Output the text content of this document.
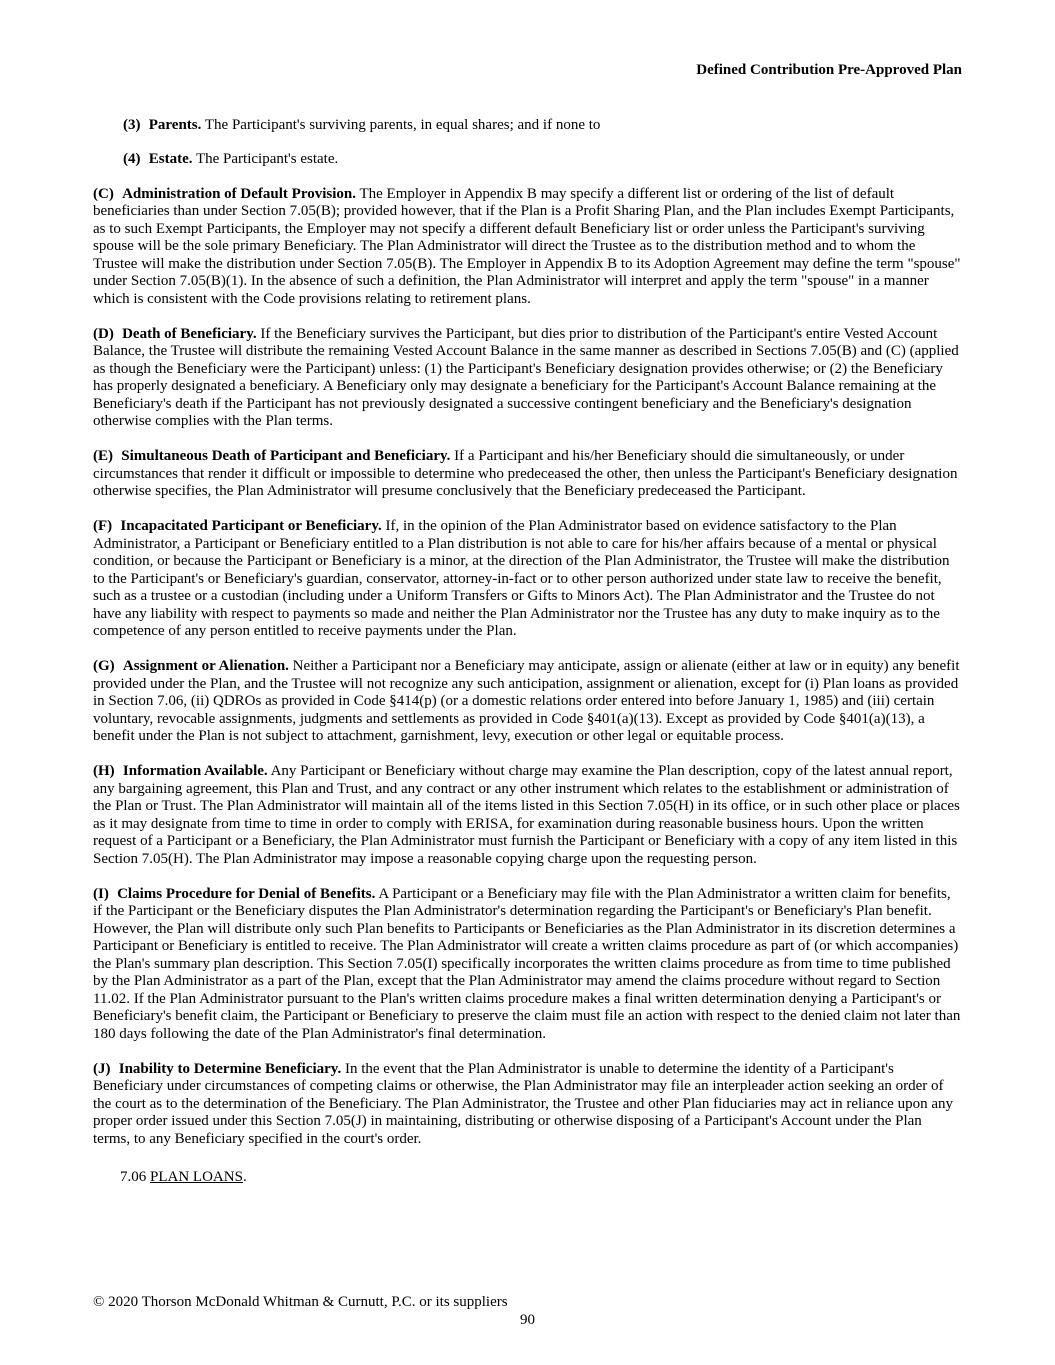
Defined Contribution Pre-Approved Plan

(3) Parents. The Participant's surviving parents, in equal shares; and if none to

(4) Estate. The Participant's estate.

(C) Administration of Default Provision. The Employer in Appendix B may specify a different list or ordering of the list of default beneficiaries than under Section 7.05(B); provided however, that if the Plan is a Profit Sharing Plan, and the Plan includes Exempt Participants, as to such Exempt Participants, the Employer may not specify a different default Beneficiary list or order unless the Participant's surviving spouse will be the sole primary Beneficiary. The Plan Administrator will direct the Trustee as to the distribution method and to whom the Trustee will make the distribution under Section 7.05(B). The Employer in Appendix B to its Adoption Agreement may define the term "spouse" under Section 7.05(B)(1). In the absence of such a definition, the Plan Administrator will interpret and apply the term "spouse" in a manner which is consistent with the Code provisions relating to retirement plans.

(D) Death of Beneficiary. If the Beneficiary survives the Participant, but dies prior to distribution of the Participant's entire Vested Account Balance, the Trustee will distribute the remaining Vested Account Balance in the same manner as described in Sections 7.05(B) and (C) (applied as though the Beneficiary were the Participant) unless: (1) the Participant's Beneficiary designation provides otherwise; or (2) the Beneficiary has properly designated a beneficiary. A Beneficiary only may designate a beneficiary for the Participant's Account Balance remaining at the Beneficiary's death if the Participant has not previously designated a successive contingent beneficiary and the Beneficiary's designation otherwise complies with the Plan terms.

(E) Simultaneous Death of Participant and Beneficiary. If a Participant and his/her Beneficiary should die simultaneously, or under circumstances that render it difficult or impossible to determine who predeceased the other, then unless the Participant's Beneficiary designation otherwise specifies, the Plan Administrator will presume conclusively that the Beneficiary predeceased the Participant.

(F) Incapacitated Participant or Beneficiary. If, in the opinion of the Plan Administrator based on evidence satisfactory to the Plan Administrator, a Participant or Beneficiary entitled to a Plan distribution is not able to care for his/her affairs because of a mental or physical condition, or because the Participant or Beneficiary is a minor, at the direction of the Plan Administrator, the Trustee will make the distribution to the Participant's or Beneficiary's guardian, conservator, attorney-in-fact or to other person authorized under state law to receive the benefit, such as a trustee or a custodian (including under a Uniform Transfers or Gifts to Minors Act). The Plan Administrator and the Trustee do not have any liability with respect to payments so made and neither the Plan Administrator nor the Trustee has any duty to make inquiry as to the competence of any person entitled to receive payments under the Plan.

(G) Assignment or Alienation. Neither a Participant nor a Beneficiary may anticipate, assign or alienate (either at law or in equity) any benefit provided under the Plan, and the Trustee will not recognize any such anticipation, assignment or alienation, except for (i) Plan loans as provided in Section 7.06, (ii) QDROs as provided in Code §414(p) (or a domestic relations order entered into before January 1, 1985) and (iii) certain voluntary, revocable assignments, judgments and settlements as provided in Code §401(a)(13). Except as provided by Code §401(a)(13), a benefit under the Plan is not subject to attachment, garnishment, levy, execution or other legal or equitable process.

(H) Information Available. Any Participant or Beneficiary without charge may examine the Plan description, copy of the latest annual report, any bargaining agreement, this Plan and Trust, and any contract or any other instrument which relates to the establishment or administration of the Plan or Trust. The Plan Administrator will maintain all of the items listed in this Section 7.05(H) in its office, or in such other place or places as it may designate from time to time in order to comply with ERISA, for examination during reasonable business hours. Upon the written request of a Participant or a Beneficiary, the Plan Administrator must furnish the Participant or Beneficiary with a copy of any item listed in this Section 7.05(H). The Plan Administrator may impose a reasonable copying charge upon the requesting person.

(I) Claims Procedure for Denial of Benefits. A Participant or a Beneficiary may file with the Plan Administrator a written claim for benefits, if the Participant or the Beneficiary disputes the Plan Administrator's determination regarding the Participant's or Beneficiary's Plan benefit. However, the Plan will distribute only such Plan benefits to Participants or Beneficiaries as the Plan Administrator in its discretion determines a Participant or Beneficiary is entitled to receive. The Plan Administrator will create a written claims procedure as part of (or which accompanies) the Plan's summary plan description. This Section 7.05(I) specifically incorporates the written claims procedure as from time to time published by the Plan Administrator as a part of the Plan, except that the Plan Administrator may amend the claims procedure without regard to Section 11.02. If the Plan Administrator pursuant to the Plan's written claims procedure makes a final written determination denying a Participant's or Beneficiary's benefit claim, the Participant or Beneficiary to preserve the claim must file an action with respect to the denied claim not later than 180 days following the date of the Plan Administrator's final determination.

(J) Inability to Determine Beneficiary. In the event that the Plan Administrator is unable to determine the identity of a Participant's Beneficiary under circumstances of competing claims or otherwise, the Plan Administrator may file an interpleader action seeking an order of the court as to the determination of the Beneficiary. The Plan Administrator, the Trustee and other Plan fiduciaries may act in reliance upon any proper order issued under this Section 7.05(J) in maintaining, distributing or otherwise disposing of a Participant's Account under the Plan terms, to any Beneficiary specified in the court's order.

7.06 PLAN LOANS.

© 2020 Thorson McDonald Whitman & Curnutt, P.C. or its suppliers
90
